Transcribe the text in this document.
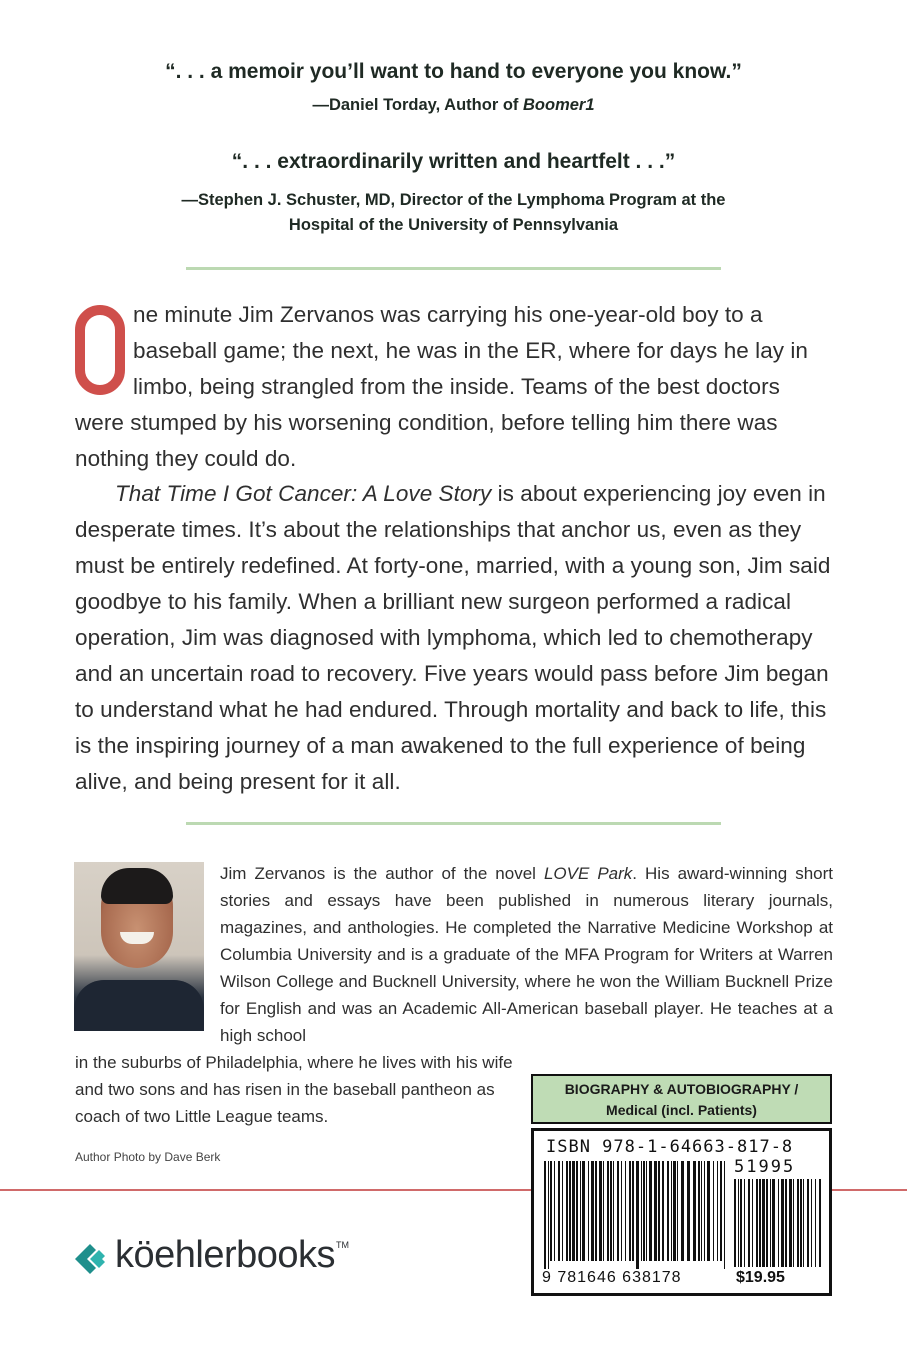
“. . . a memoir you’ll want to hand to everyone you know.”
—Daniel Torday, Author of Boomer1
“. . . extraordinarily written and heartfelt . . .”
—Stephen J. Schuster, MD, Director of the Lymphoma Program at the
Hospital of the University of Pennsylvania
ne minute Jim Zervanos was carrying his one-year-old boy to a baseball game; the next, he was in the ER, where for days he lay in limbo, being strangled from the inside. Teams of the best doctors were stumped by his worsening condition, before telling him there was nothing they could do.
That Time I Got Cancer: A Love Story is about experiencing joy even in desperate times. It’s about the relationships that anchor us, even as they must be entirely redefined. At forty-one, married, with a young son, Jim said goodbye to his family. When a brilliant new surgeon performed a radical operation, Jim was diagnosed with lymphoma, which led to chemotherapy and an uncertain road to recovery. Five years would pass before Jim began to understand what he had endured. Through mortality and back to life, this is the inspiring journey of a man awakened to the full experience of being alive, and being present for it all.
Jim Zervanos is the author of the novel LOVE Park. His award-winning short stories and essays have been published in numerous literary journals, magazines, and anthologies. He completed the Narrative Medicine Workshop at Columbia University and is a graduate of the MFA Program for Writers at Warren Wilson College and Bucknell University, where he won the William Bucknell Prize for English and was an Academic All-American baseball player. He teaches at a high school
in the suburbs of Philadelphia, where he lives with his wife and two sons and has risen in the baseball pantheon as coach of two Little League teams.
Author Photo by Dave Berk
BIOGRAPHY & AUTOBIOGRAPHY /
Medical (incl. Patients)
ISBN 978-1-64663-817-8
51995
9 781646 638178	$19.95
köehlerbooks TM
